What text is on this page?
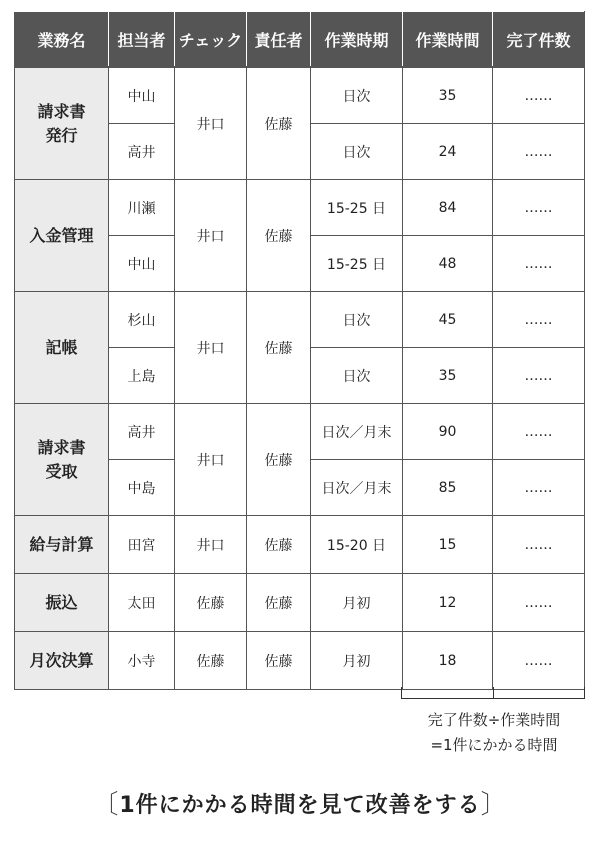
業務名	担当者	チェック	責任者	作業時期	作業時間	完了件数

請求書
発行	中山	井口	佐藤	日次	35	……
	高井			日次	24	……

入金管理	川瀬	井口	佐藤	15-25 日	84	……
	中山			15-25 日	48	……

記帳	杉山	井口	佐藤	日次	45	……
	上島			日次	35	……

請求書
受取	高井	井口	佐藤	日次／月末	90	……
	中島			日次／月末	85	……

給与計算	田宮	井口	佐藤	15-20 日	15	……

振込	太田	佐藤	佐藤	月初	12	……

月次決算	小寺	佐藤	佐藤	月初	18	……
完了件数÷作業時間
=1件にかかる時間
〔1件にかかる時間を見て改善をする〕
